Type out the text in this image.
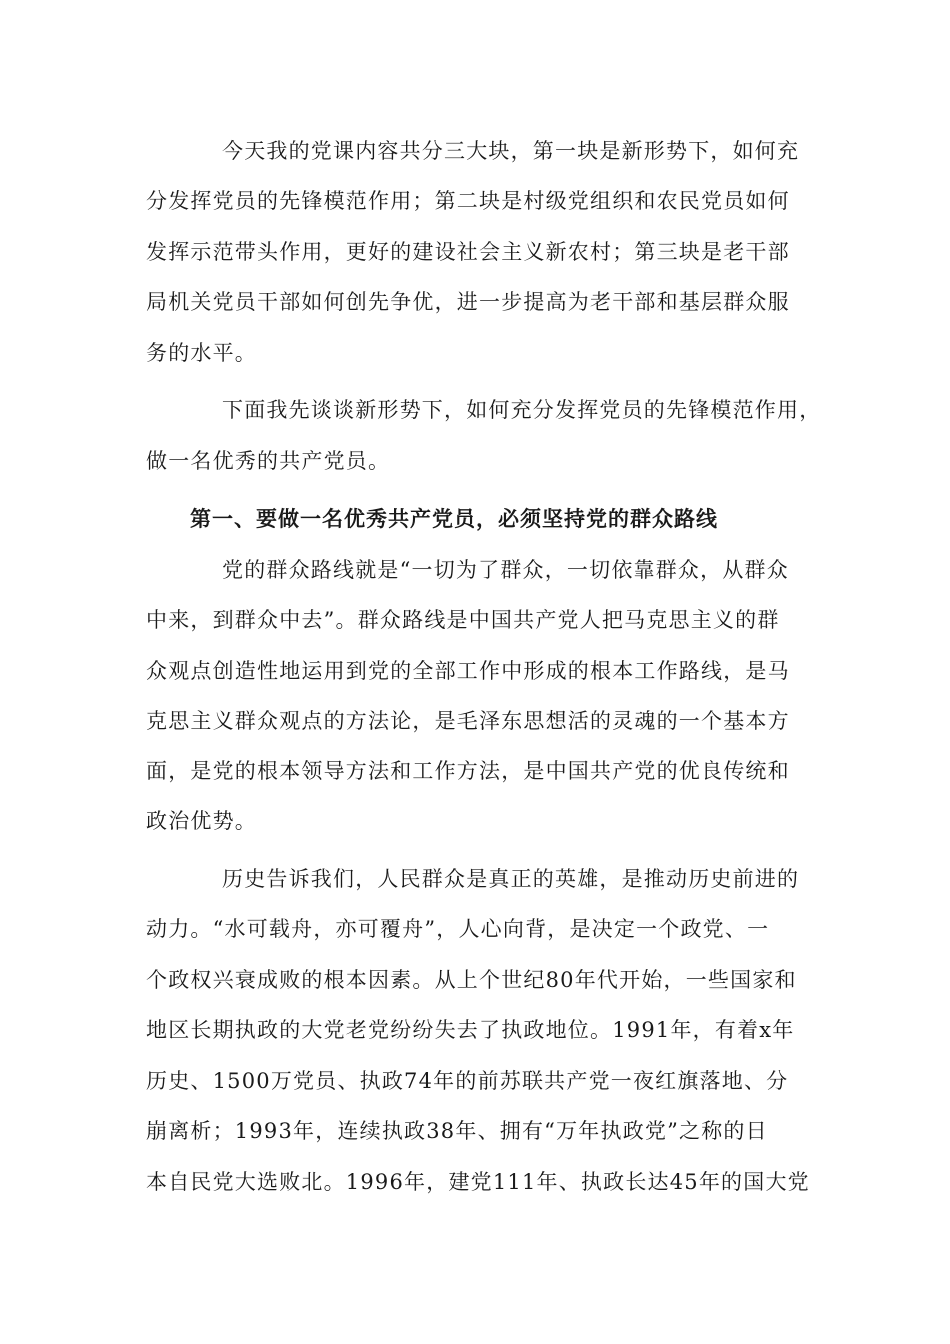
今天我的党课内容共分三大块，第一块是新形势下，如何充
分发挥党员的先锋模范作用；第二块是村级党组织和农民党员如何
发挥示范带头作用，更好的建设社会主义新农村；第三块是老干部
局机关党员干部如何创先争优，进一步提高为老干部和基层群众服
务的水平。
下面我先谈谈新形势下，如何充分发挥党员的先锋模范作用，
做一名优秀的共产党员。
第一、要做一名优秀共产党员，必须坚持党的群众路线
党的群众路线就是“一切为了群众，一切依靠群众，从群众
中来，到群众中去”。群众路线是中国共产党人把马克思主义的群
众观点创造性地运用到党的全部工作中形成的根本工作路线，是马
克思主义群众观点的方法论，是毛泽东思想活的灵魂的一个基本方
面，是党的根本领导方法和工作方法，是中国共产党的优良传统和
政治优势。
历史告诉我们，人民群众是真正的英雄，是推动历史前进的
动力。“水可载舟，亦可覆舟”，人心向背，是决定一个政党、一
个政权兴衰成败的根本因素。从上个世纪80年代开始，一些国家和
地区长期执政的大党老党纷纷失去了执政地位。1991年，有着x年
历史、1500万党员、执政74年的前苏联共产党一夜红旗落地、分
崩离析；1993年，连续执政38年、拥有“万年执政党”之称的日
本自民党大选败北。1996年，建党111年、执政长达45年的国大党
